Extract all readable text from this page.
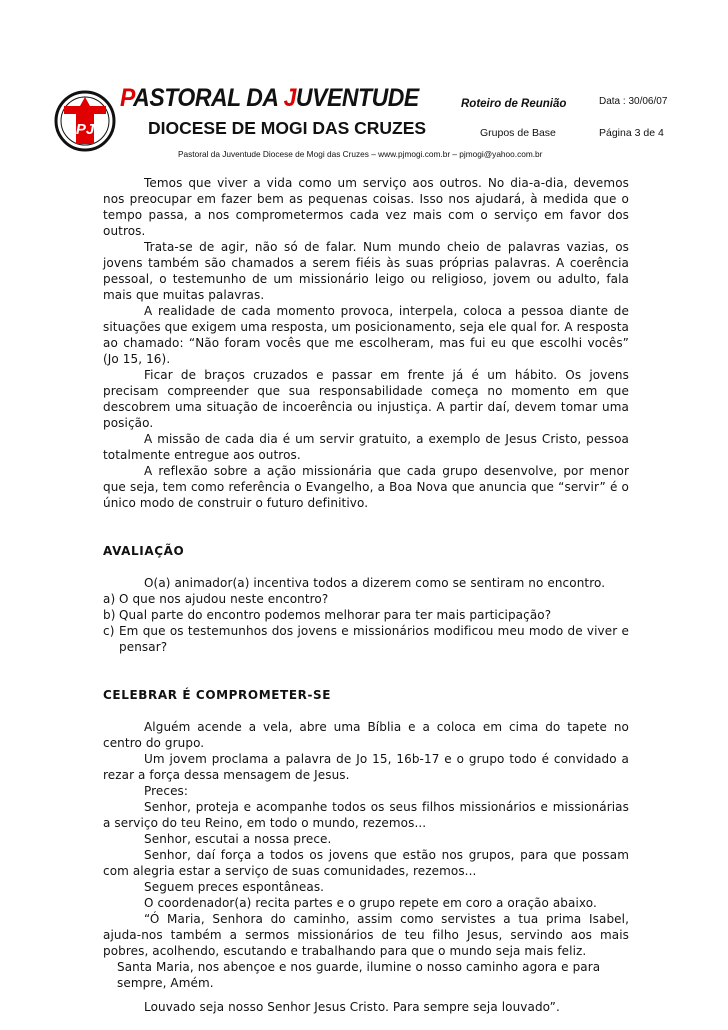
PJ
PASTORAL DA JUVENTUDE
DIOCESE DE MOGI DAS CRUZES
Roteiro de Reunião	Data : 30/06/07
Grupos de Base	Página 3 de 4
Pastoral da Juventude Diocese de Mogi das Cruzes – www.pjmogi.com.br – pjmogi@yahoo.com.br

Temos que viver a vida como um serviço aos outros. No dia-a-dia, devemos nos preocupar em fazer bem as pequenas coisas. Isso nos ajudará, à medida que o tempo passa, a nos comprometermos cada vez mais com o serviço em favor dos outros.

Trata-se de agir, não só de falar. Num mundo cheio de palavras vazias, os jovens também são chamados a serem fiéis às suas próprias palavras. A coerência pessoal, o testemunho de um missionário leigo ou religioso, jovem ou adulto, fala mais que muitas palavras.

A realidade de cada momento provoca, interpela, coloca a pessoa diante de situações que exigem uma resposta, um posicionamento, seja ele qual for. A resposta ao chamado: “Não foram vocês que me escolheram, mas fui eu que escolhi vocês” (Jo 15, 16).

Ficar de braços cruzados e passar em frente já é um hábito. Os jovens precisam compreender que sua responsabilidade começa no momento em que descobrem uma situação de incoerência ou injustiça. A partir daí, devem tomar uma posição.

A missão de cada dia é um servir gratuito, a exemplo de Jesus Cristo, pessoa totalmente entregue aos outros.

A reflexão sobre a ação missionária que cada grupo desenvolve, por menor que seja, tem como referência o Evangelho, a Boa Nova que anuncia que “servir” é o único modo de construir o futuro definitivo.

AVALIAÇÃO

O(a) animador(a) incentiva todos a dizerem como se sentiram no encontro.

a) O que nos ajudou neste encontro?
b) Qual parte do encontro podemos melhorar para ter mais participação?
c) Em que os testemunhos dos jovens e missionários modificou meu modo de viver e pensar?

CELEBRAR É COMPROMETER-SE

Alguém acende a vela, abre uma Bíblia e a coloca em cima do tapete no centro do grupo.

Um jovem proclama a palavra de Jo 15, 16b-17 e o grupo todo é convidado a rezar a força dessa mensagem de Jesus.

Preces:

Senhor, proteja e acompanhe todos os seus filhos missionários e missionárias a serviço do teu Reino, em todo o mundo, rezemos...

Senhor, escutai a nossa prece.

Senhor, daí força a todos os jovens que estão nos grupos, para que possam com alegria estar a serviço de suas comunidades, rezemos...

Seguem preces espontâneas.

O coordenador(a) recita partes e o grupo repete em coro a oração abaixo.

“Ó Maria, Senhora do caminho, assim como servistes a tua prima Isabel, ajuda-nos também a sermos missionários de teu filho Jesus, servindo aos mais pobres, acolhendo, escutando e trabalhando para que o mundo seja mais feliz.

Santa Maria, nos abençoe e nos guarde, ilumine o nosso caminho agora e para sempre, Amém.

Louvado seja nosso Senhor Jesus Cristo. Para sempre seja louvado”.
